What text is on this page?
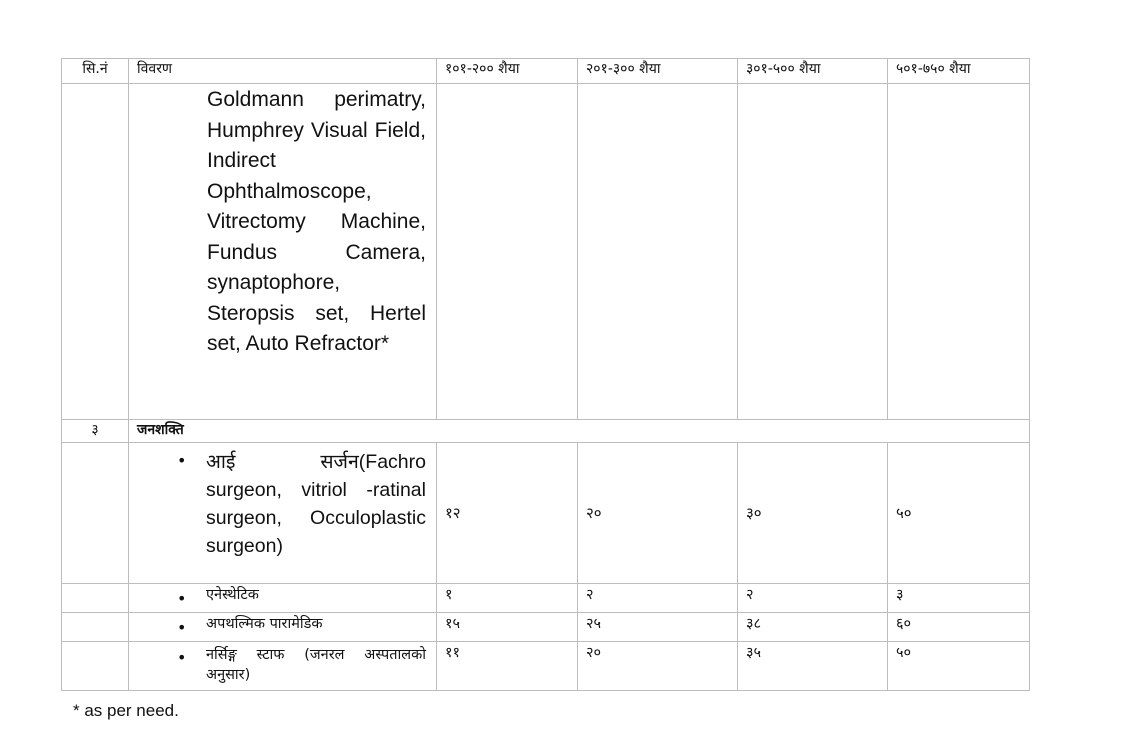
सि.नं	विवरण	१०१-२०० शैया	२०१-३०० शैया	३०१-५०० शैया	५०१-७५० शैया

	Goldmann perimatry, Humphrey Visual Field, Indirect Ophthalmoscope, Vitrectomy Machine, Fundus Camera, synaptophore, Steropsis set, Hertel set, Auto Refractor*				

३	जनशक्ति				

	• आई सर्जन(Fachro surgeon, vitriol -ratinal surgeon, Occuloplastic surgeon)	१२	२०	३०	५०

	• एनेस्थेटिक	१	२	२	३

	• अपथल्मिक पारामेडिक	१५	२५	३८	६०

	• नर्सिङ्ग स्टाफ (जनरल अस्पतालको अनुसार)	११	२०	३५	५०
* as per need.
